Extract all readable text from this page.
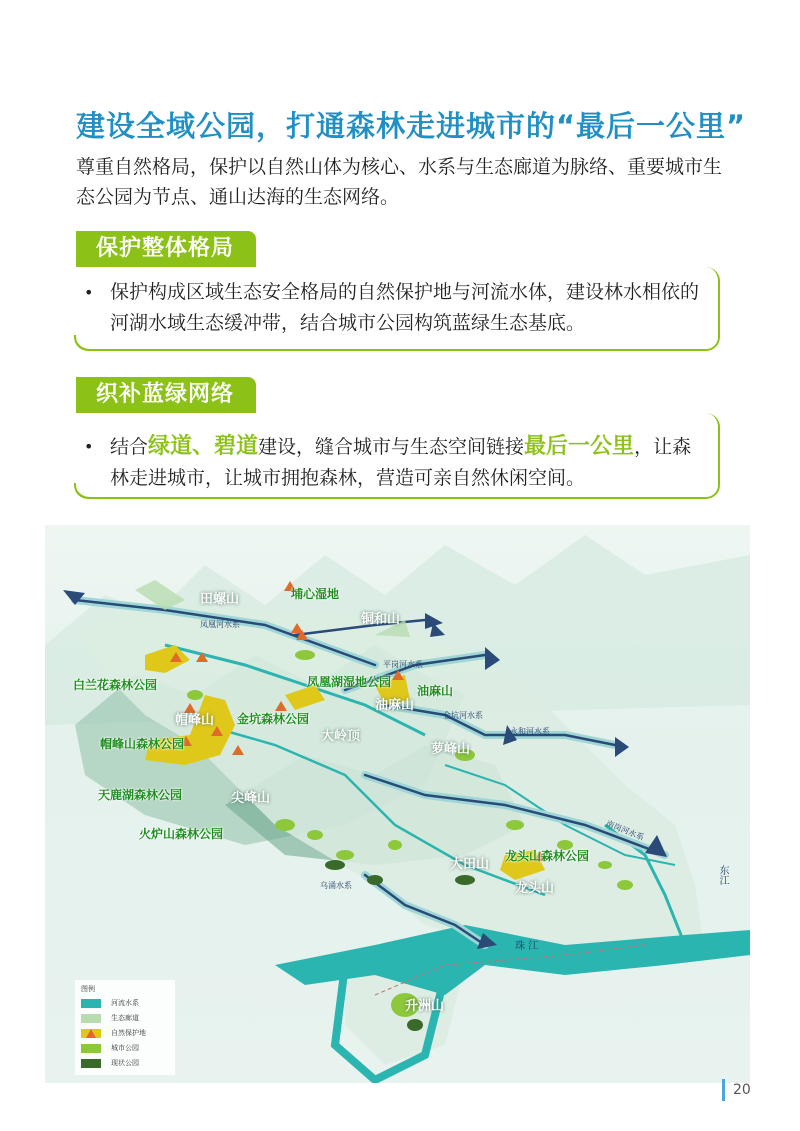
建设全域公园，打通森林走进城市的“最后一公里”
尊重自然格局，保护以自然山体为核心、水系与生态廊道为脉络、重要城市生态公园为节点、通山达海的生态网络。
保护整体格局
• 保护构成区域生态安全格局的自然保护地与河流水体，建设林水相依的河湖水域生态缓冲带，结合城市公园构筑蓝绿生态基底。
织补蓝绿网络
• 结合绿道、碧道建设，缝合城市与生态空间链接最后一公里，让森林走进城市，让城市拥抱森林，营造可亲自然休闲空间。
田螺山	埔心湿地
铜和山
凤凰河水系
平岗河水系
凤凰湖湿地公园
油麻山
金坑河水系
白兰花森林公园
油麻山
帽峰山 金坑森林公园
大岭顶	永和河水系
帽峰山森林公园	萝峰山
天鹿湖森林公园	尖峰山
火炉山森林公园	南岗河水系
大田山
龙头山森林公园
龙头山
乌涌水系
珠 江
东江
升洲山
图例
河流水系
生态廊道
自然保护地
城市公园
现状公园
20
